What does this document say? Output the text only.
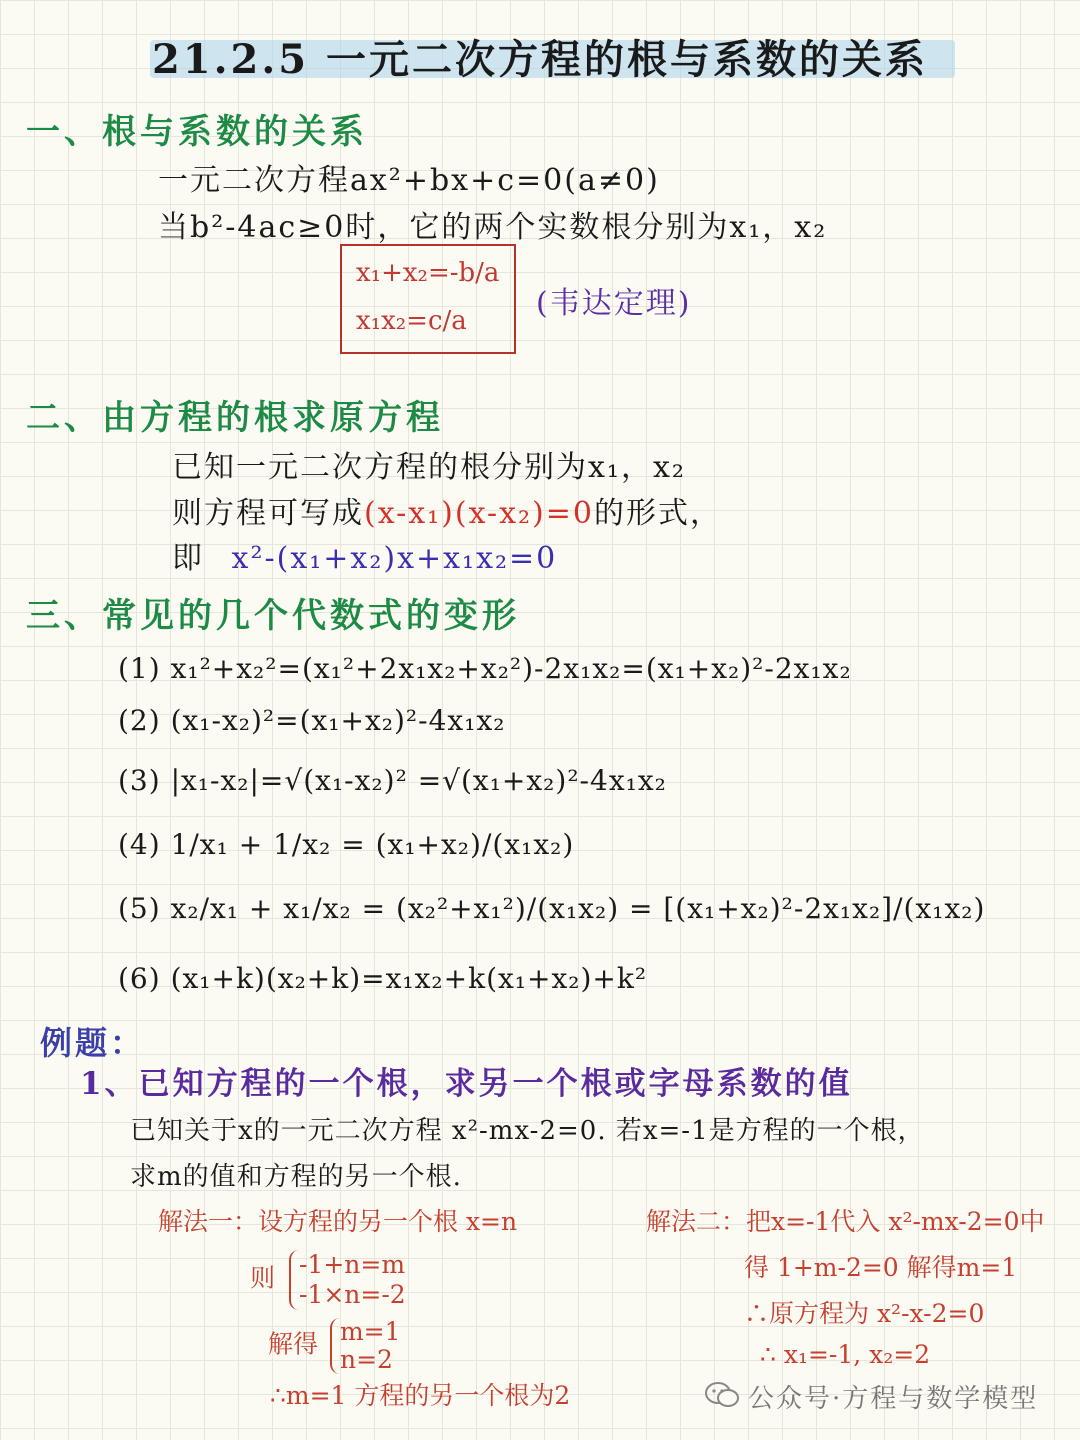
21.2.5 一元二次方程的根与系数的关系
一、根与系数的关系
一元二次方程ax²+bx+c=0(a≠0)
当b²-4ac≥0时，它的两个实数根分别为x₁，x₂
x₁+x₂=-b/a
x₁x₂=c/a (韦达定理)
二、由方程的根求原方程
已知一元二次方程的根分别为x₁，x₂
则方程可写成(x-x₁)(x-x₂)=0的形式，
即 x²-(x₁+x₂)x+x₁x₂=0
三、常见的几个代数式的变形
(1) x₁²+x₂²=(x₁²+2x₁x₂+x₂²)-2x₁x₂=(x₁+x₂)²-2x₁x₂
(2) (x₁-x₂)²=(x₁+x₂)²-4x₁x₂
(3) |x₁-x₂|=√(x₁-x₂)² =√(x₁+x₂)²-4x₁x₂
(4) 1/x₁ + 1/x₂ = (x₁+x₂)/(x₁x₂)
(5) x₂/x₁ + x₁/x₂ = (x₂²+x₁²)/(x₁x₂) = [(x₁+x₂)²-2x₁x₂]/(x₁x₂)
(6) (x₁+k)(x₂+k)=x₁x₂+k(x₁+x₂)+k²
例题：
1、已知方程的一个根，求另一个根或字母系数的值
已知关于x的一元二次方程 x²-mx-2=0. 若x=-1是方程的一个根，
求m的值和方程的另一个根.
解法一：设方程的另一个根 x=n
则 -1+n=m
-1×n=-2
解得 m=1
n=2
∴m=1 方程的另一个根为2
解法二：把x=-1代入 x²-mx-2=0中
得 1+m-2=0 解得m=1
∴原方程为 x²-x-2=0
∴ x₁=-1, x₂=2
公众号·方程与数学模型
